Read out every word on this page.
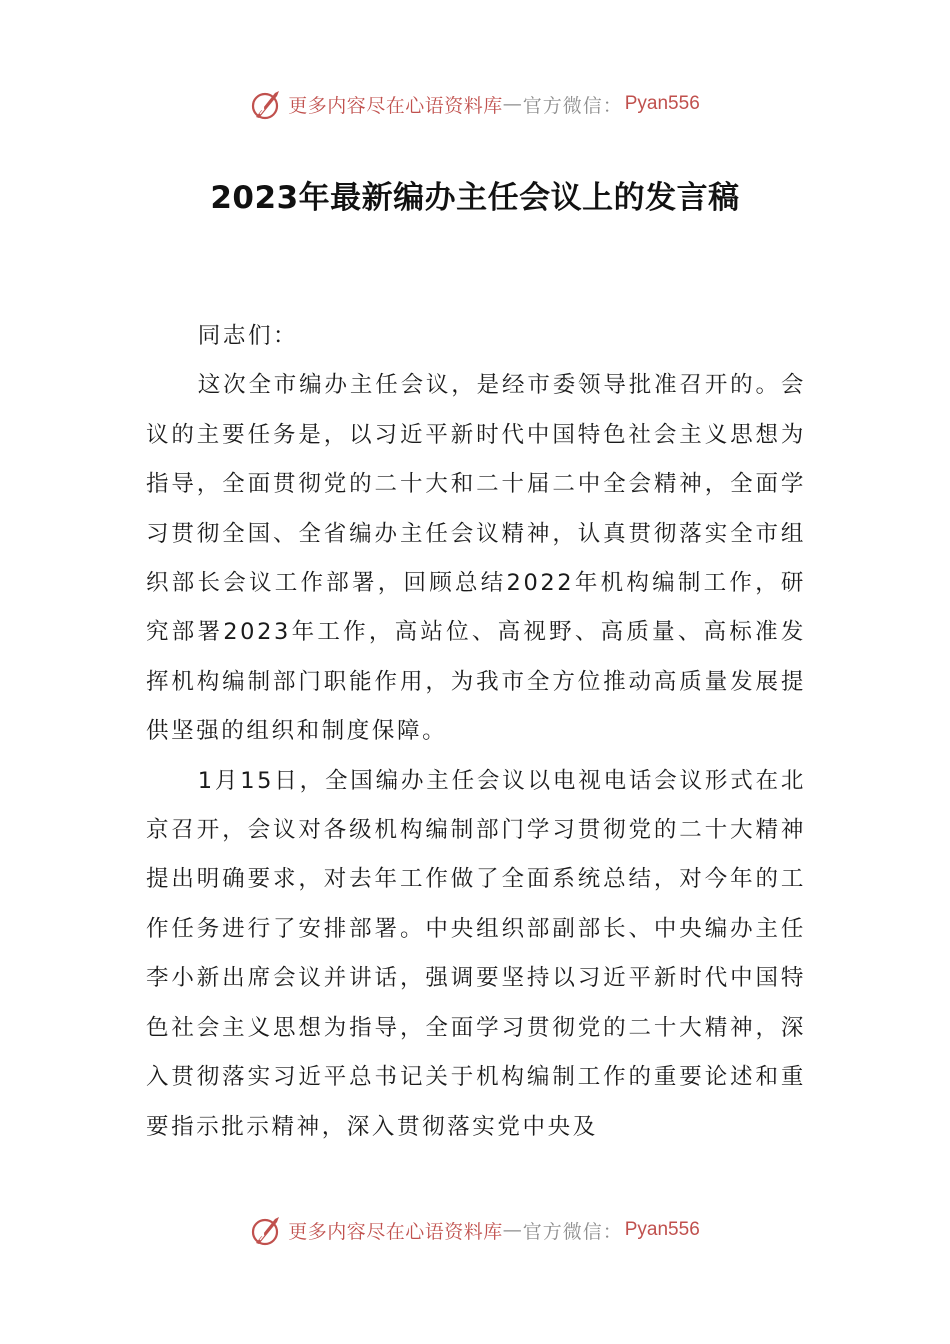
更多内容尽在心语资料库 — 官方微信： Pyan556
2023年最新编办主任会议上的发言稿

同志们：

这次全市编办主任会议，是经市委领导批准召开的。会议的主要任务是，以习近平新时代中国特色社会主义思想为指导，全面贯彻党的二十大和二十届二中全会精神，全面学习贯彻全国、全省编办主任会议精神，认真贯彻落实全市组织部长会议工作部署，回顾总结2022年机构编制工作，研究部署2023年工作，高站位、高视野、高质量、高标准发挥机构编制部门职能作用，为我市全方位推动高质量发展提供坚强的组织和制度保障。

1月15日，全国编办主任会议以电视电话会议形式在北京召开，会议对各级机构编制部门学习贯彻党的二十大精神提出明确要求，对去年工作做了全面系统总结，对今年的工作任务进行了安排部署。中央组织部副部长、中央编办主任李小新出席会议并讲话，强调要坚持以习近平新时代中国特色社会主义思想为指导，全面学习贯彻党的二十大精神，深入贯彻落实习近平总书记关于机构编制工作的重要论述和重要指示批示精神，深入贯彻落实党中央及

更多内容尽在心语资料库 — 官方微信： Pyan556
